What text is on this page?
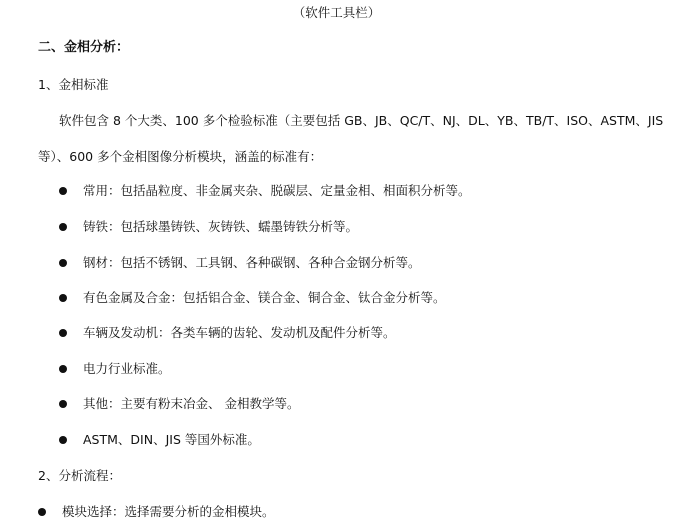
（软件工具栏）
二、金相分析：
1、金相标准
软件包含 8 个大类、100 多个检验标准（主要包括 GB、JB、QC/T、NJ、DL、YB、TB/T、ISO、ASTM、JIS
等）、600 多个金相图像分析模块，涵盖的标准有：
常用：包括晶粒度、非金属夹杂、脱碳层、定量金相、相面积分析等。
铸铁：包括球墨铸铁、灰铸铁、蠕墨铸铁分析等。
钢材：包括不锈钢、工具钢、各种碳钢、各种合金钢分析等。
有色金属及合金：包括铝合金、镁合金、铜合金、钛合金分析等。
车辆及发动机：各类车辆的齿轮、发动机及配件分析等。
电力行业标准。
其他：主要有粉末冶金、 金相教学等。
ASTM、DIN、JIS 等国外标准。
2、分析流程：
模块选择：选择需要分析的金相模块。
